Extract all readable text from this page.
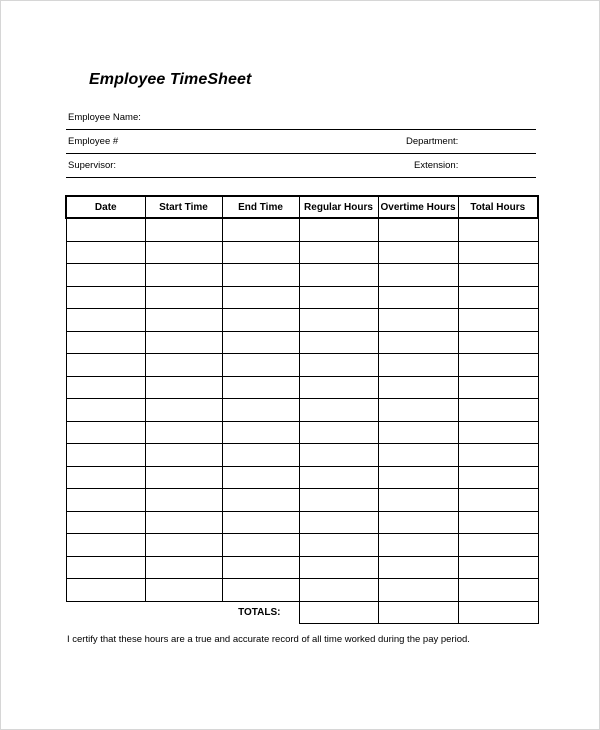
Employee TimeSheet
Employee Name:
Employee #	Department:
Supervisor:	Extension:
Date	Start Time	End Time	Regular Hours	Overtime Hours	Total Hours

		TOTALS:			
I certify that these hours are a true and accurate record of all time worked during the pay period.
